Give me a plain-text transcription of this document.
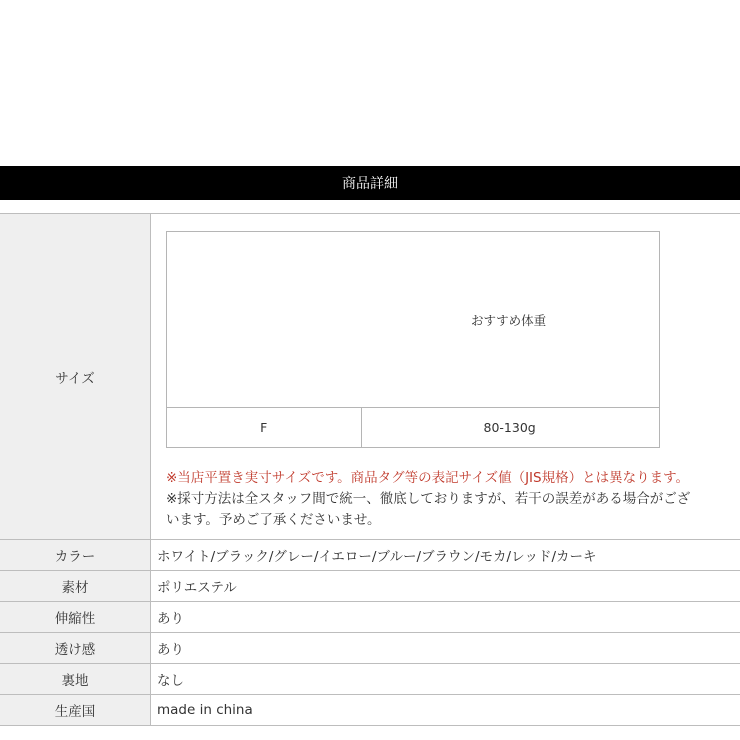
商品詳細
サイズ	
	おすすめ体重
F	80-130g
※当店平置き実寸サイズです。商品タグ等の表記サイズ値（JIS規格）とは異なります。
※採寸方法は全スタッフ間で統一、徹底しておりますが、若干の誤差がある場合がござ
います。予めご了承くださいませ。

カラー	ホワイト/ブラック/グレー/イエロー/ブルー/ブラウン/モカ/レッド/カーキ
素材	ポリエステル
伸縮性	あり
透け感	あり
裏地	なし
生産国	made in china
